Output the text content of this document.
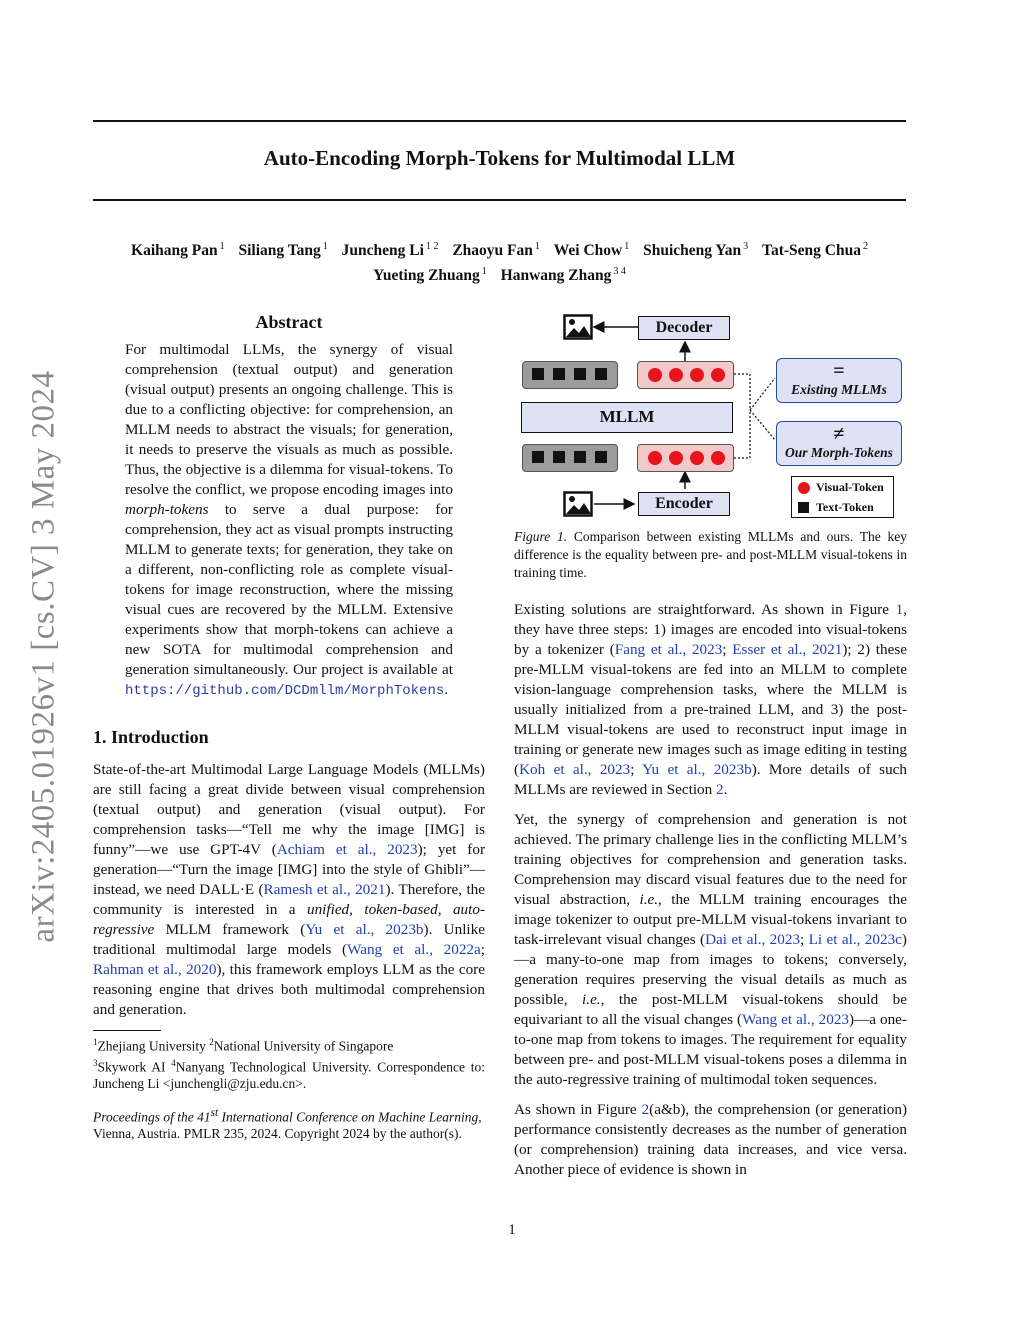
arXiv:2405.01926v1 [cs.CV] 3 May 2024
Auto-Encoding Morph-Tokens for Multimodal LLM
Kaihang Pan $^1$ Siliang Tang $^1$ Juncheng Li $^{1 2}$ Zhaoyu Fan $^1$ Wei Chow $^1$ Shuicheng Yan $^3$ Tat-Seng Chua $^2$
Yueting Zhuang $^1$ Hanwang Zhang $^{3 4}$
Abstract
For multimodal LLMs, the synergy of visual comprehension (textual output) and generation (visual output) presents an ongoing challenge. This is due to a conflicting objective: for comprehension, an MLLM needs to abstract the visuals; for generation, it needs to preserve the visuals as much as possible. Thus, the objective is a dilemma for visual-tokens. To resolve the conflict, we propose encoding images into morph-tokens to serve a dual purpose: for comprehension, they act as visual prompts instructing MLLM to generate texts; for generation, they take on a different, non-conflicting role as complete visual-tokens for image reconstruction, where the missing visual cues are recovered by the MLLM. Extensive experiments show that morph-tokens can achieve a new SOTA for multimodal comprehension and generation simultaneously. Our project is available at https://github.com/DCDmllm/MorphTokens.
1. Introduction

State-of-the-art Multimodal Large Language Models (MLLMs) are still facing a great divide between visual comprehension (textual output) and generation (visual output). For comprehension tasks—“Tell me why the image [IMG] is funny”—we use GPT-4V (Achiam et al., 2023); yet for generation—“Turn the image [IMG] into the style of Ghibli”—instead, we need DALL·E (Ramesh et al., 2021). Therefore, the community is interested in a unified, token-based, auto-regressive MLLM framework (Yu et al., 2023b). Unlike traditional multimodal large models (Wang et al., 2022a; Rahman et al., 2020), this framework employs LLM as the core reasoning engine that drives both multimodal comprehension and generation.

$^1$Zhejiang University $^2$National University of Singapore
$^3$Skywork AI $^4$Nanyang Technological University. Correspondence to: Juncheng Li <junchengli@zju.edu.cn>.

Proceedings of the 41st International Conference on Machine Learning, Vienna, Austria. PMLR 235, 2024. Copyright 2024 by the author(s).

Decoder
Encoder
MLLM
=
Existing MLLMs
≠
Our Morph-Tokens
Visual-Token
Text-Token
Figure 1. Comparison between existing MLLMs and ours. The key difference is the equality between pre- and post-MLLM visual-tokens in training time.

Existing solutions are straightforward. As shown in Figure 1, they have three steps: 1) images are encoded into visual-tokens by a tokenizer (Fang et al., 2023; Esser et al., 2021); 2) these pre-MLLM visual-tokens are fed into an MLLM to complete vision-language comprehension tasks, where the MLLM is usually initialized from a pre-trained LLM, and 3) the post-MLLM visual-tokens are used to reconstruct input image in training or generate new images such as image editing in testing (Koh et al., 2023; Yu et al., 2023b). More details of such MLLMs are reviewed in Section 2.

Yet, the synergy of comprehension and generation is not achieved. The primary challenge lies in the conflicting MLLM’s training objectives for comprehension and generation tasks. Comprehension may discard visual features due to the need for visual abstraction, i.e., the MLLM training encourages the image tokenizer to output pre-MLLM visual-tokens invariant to task-irrelevant visual changes (Dai et al., 2023; Li et al., 2023c)—a many-to-one map from images to tokens; conversely, generation requires preserving the visual details as much as possible, i.e., the post-MLLM visual-tokens should be equivariant to all the visual changes (Wang et al., 2023)—a one-to-one map from tokens to images. The requirement for equality between pre- and post-MLLM visual-tokens poses a dilemma in the auto-regressive training of multimodal token sequences.

As shown in Figure 2(a&b), the comprehension (or generation) performance consistently decreases as the number of generation (or comprehension) training data increases, and vice versa. Another piece of evidence is shown in

1
